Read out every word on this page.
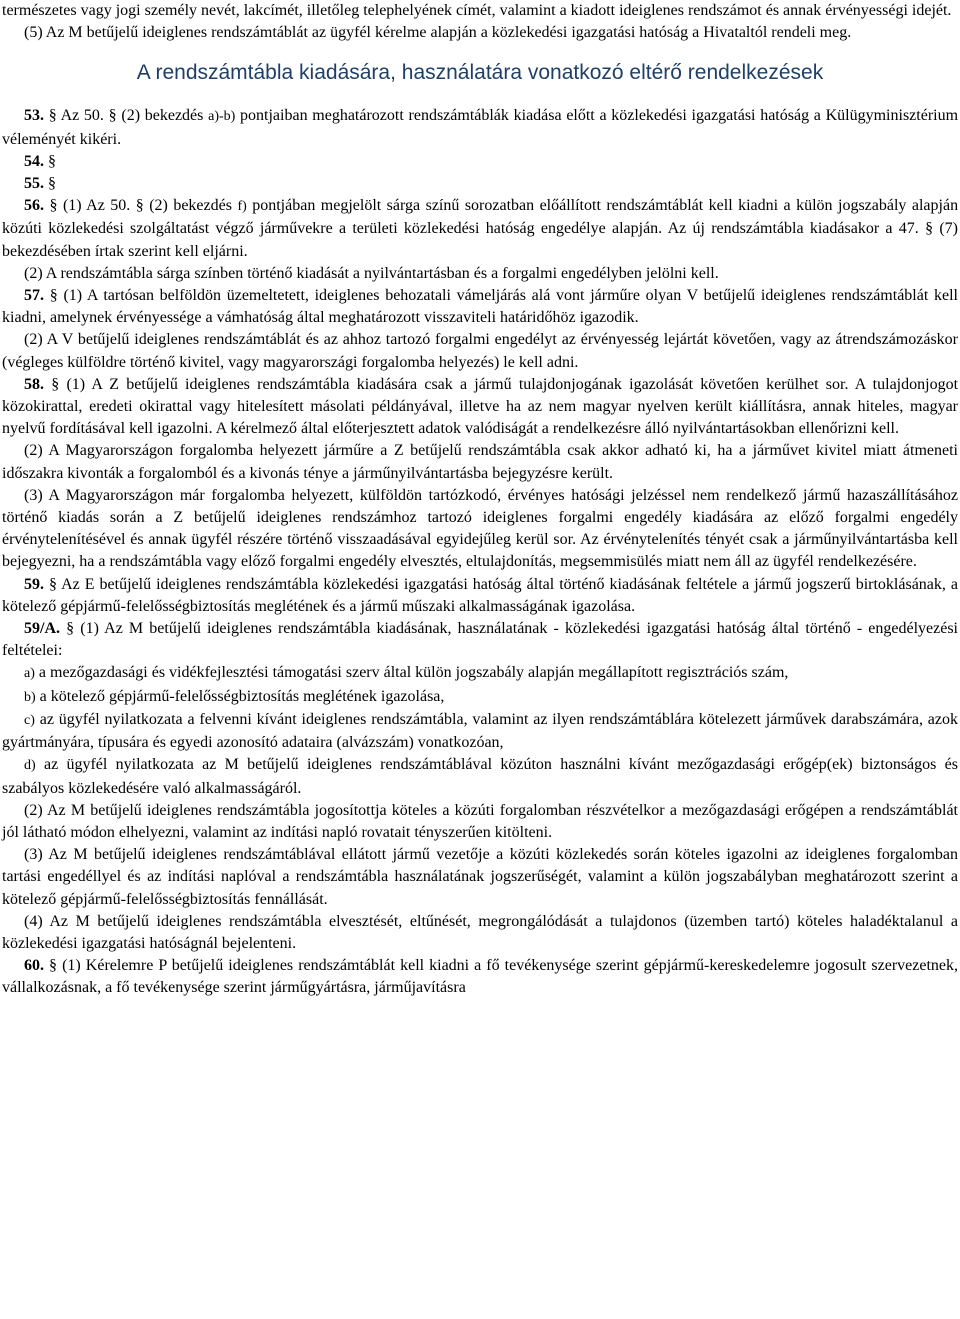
természetes vagy jogi személy nevét, lakcímét, illetőleg telephelyének címét, valamint a kiadott ideiglenes rendszámot és annak érvényességi idejét.

(5) Az M betűjelű ideiglenes rendszámtáblát az ügyfél kérelme alapján a közlekedési igazgatási hatóság a Hivataltól rendeli meg.

A rendszámtábla kiadására, használatára vonatkozó eltérő rendelkezések

53. § Az 50. § (2) bekezdés a)-b) pontjaiban meghatározott rendszámtáblák kiadása előtt a közlekedési igazgatási hatóság a Külügyminisztérium véleményét kikéri.

54. §

55. §

56. § (1) Az 50. § (2) bekezdés f) pontjában megjelölt sárga színű sorozatban előállított rendszámtáblát kell kiadni a külön jogszabály alapján közúti közlekedési szolgáltatást végző járművekre a területi közlekedési hatóság engedélye alapján. Az új rendszámtábla kiadásakor a 47. § (7) bekezdésében írtak szerint kell eljárni.

(2) A rendszámtábla sárga színben történő kiadását a nyilvántartásban és a forgalmi engedélyben jelölni kell.

57. § (1) A tartósan belföldön üzemeltetett, ideiglenes behozatali vámeljárás alá vont járműre olyan V betűjelű ideiglenes rendszámtáblát kell kiadni, amelynek érvényessége a vámhatóság által meghatározott visszaviteli határidőhöz igazodik.

(2) A V betűjelű ideiglenes rendszámtáblát és az ahhoz tartozó forgalmi engedélyt az érvényesség lejártát követően, vagy az átrendszámozáskor (végleges külföldre történő kivitel, vagy magyarországi forgalomba helyezés) le kell adni.

58. § (1) A Z betűjelű ideiglenes rendszámtábla kiadására csak a jármű tulajdonjogának igazolását követően kerülhet sor. A tulajdonjogot közokirattal, eredeti okirattal vagy hitelesített másolati példányával, illetve ha az nem magyar nyelven került kiállításra, annak hiteles, magyar nyelvű fordításával kell igazolni. A kérelmező által előterjesztett adatok valódiságát a rendelkezésre álló nyilvántartásokban ellenőrizni kell.

(2) A Magyarországon forgalomba helyezett járműre a Z betűjelű rendszámtábla csak akkor adható ki, ha a járművet kivitel miatt átmeneti időszakra kivonták a forgalomból és a kivonás ténye a járműnyilvántartásba bejegyzésre került.

(3) A Magyarországon már forgalomba helyezett, külföldön tartózkodó, érvényes hatósági jelzéssel nem rendelkező jármű hazaszállításához történő kiadás során a Z betűjelű ideiglenes rendszámhoz tartozó ideiglenes forgalmi engedély kiadására az előző forgalmi engedély érvénytelenítésével és annak ügyfél részére történő visszaadásával egyidejűleg kerül sor. Az érvénytelenítés tényét csak a járműnyilvántartásba kell bejegyezni, ha a rendszámtábla vagy előző forgalmi engedély elvesztés, eltulajdonítás, megsemmisülés miatt nem áll az ügyfél rendelkezésére.

59. § Az E betűjelű ideiglenes rendszámtábla közlekedési igazgatási hatóság által történő kiadásának feltétele a jármű jogszerű birtoklásának, a kötelező gépjármű-felelősségbiztosítás meglétének és a jármű műszaki alkalmasságának igazolása.

59/A. § (1) Az M betűjelű ideiglenes rendszámtábla kiadásának, használatának - közlekedési igazgatási hatóság által történő - engedélyezési feltételei:

a) a mezőgazdasági és vidékfejlesztési támogatási szerv által külön jogszabály alapján megállapított regisztrációs szám,

b) a kötelező gépjármű-felelősségbiztosítás meglétének igazolása,

c) az ügyfél nyilatkozata a felvenni kívánt ideiglenes rendszámtábla, valamint az ilyen rendszámtáblára kötelezett járművek darabszámára, azok gyártmányára, típusára és egyedi azonosító adataira (alvázszám) vonatkozóan,

d) az ügyfél nyilatkozata az M betűjelű ideiglenes rendszámtáblával közúton használni kívánt mezőgazdasági erőgép(ek) biztonságos és szabályos közlekedésére való alkalmasságáról.

(2) Az M betűjelű ideiglenes rendszámtábla jogosítottja köteles a közúti forgalomban részvételkor a mezőgazdasági erőgépen a rendszámtáblát jól látható módon elhelyezni, valamint az indítási napló rovatait tényszerűen kitölteni.

(3) Az M betűjelű ideiglenes rendszámtáblával ellátott jármű vezetője a közúti közlekedés során köteles igazolni az ideiglenes forgalomban tartási engedéllyel és az indítási naplóval a rendszámtábla használatának jogszerűségét, valamint a külön jogszabályban meghatározott szerint a kötelező gépjármű-felelősségbiztosítás fennállását.

(4) Az M betűjelű ideiglenes rendszámtábla elvesztését, eltűnését, megrongálódását a tulajdonos (üzemben tartó) köteles haladéktalanul a közlekedési igazgatási hatóságnál bejelenteni.

60. § (1) Kérelemre P betűjelű ideiglenes rendszámtáblát kell kiadni a fő tevékenysége szerint gépjármű-kereskedelemre jogosult szervezetnek, vállalkozásnak, a fő tevékenysége szerint járműgyártásra, járműjavításra
